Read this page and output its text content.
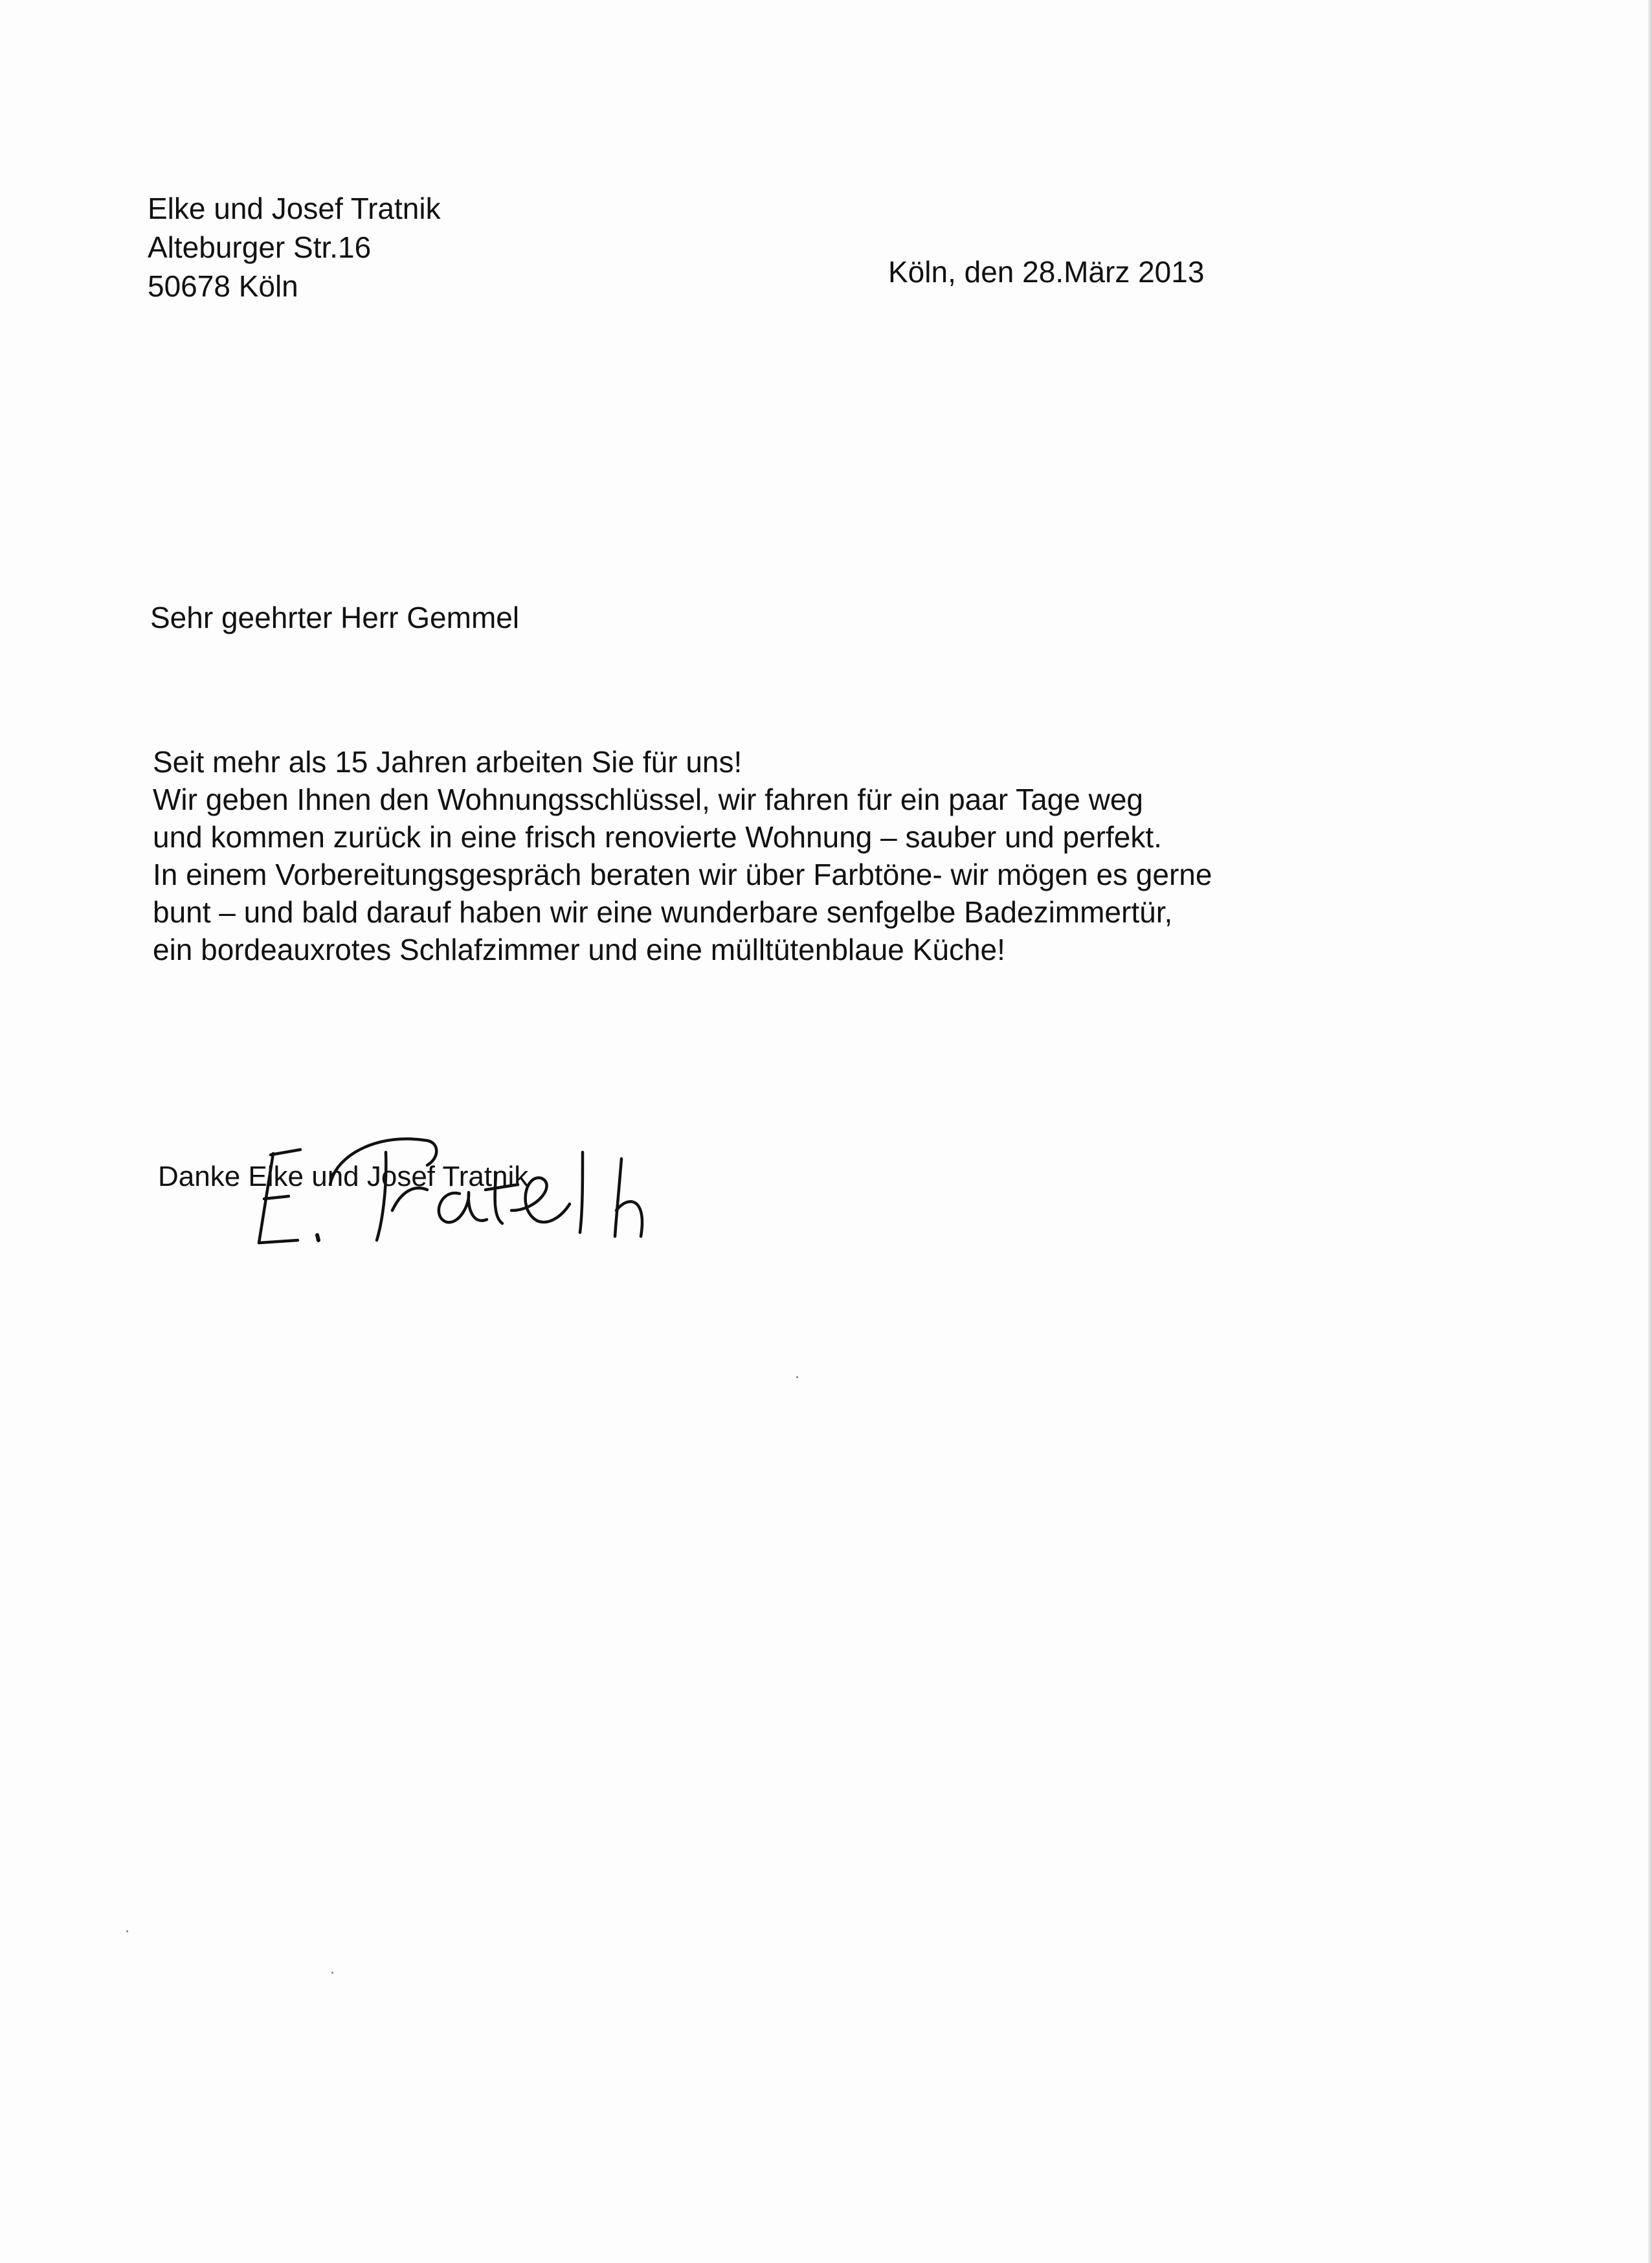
Elke und Josef Tratnik
Alteburger Str.16
50678 Köln	Köln, den 28.März 2013
Sehr geehrter Herr Gemmel
Seit mehr als 15 Jahren arbeiten Sie für uns!
Wir geben Ihnen den Wohnungsschlüssel, wir fahren für ein paar Tage weg
und kommen zurück in eine frisch renovierte Wohnung – sauber und perfekt.
In einem Vorbereitungsgespräch beraten wir über Farbtöne- wir mögen es gerne
bunt – und bald darauf haben wir eine wunderbare senfgelbe Badezimmertür,
ein bordeauxrotes Schlafzimmer und eine mülltütenblaue Küche!
Danke Elke und Josef Tratnik
